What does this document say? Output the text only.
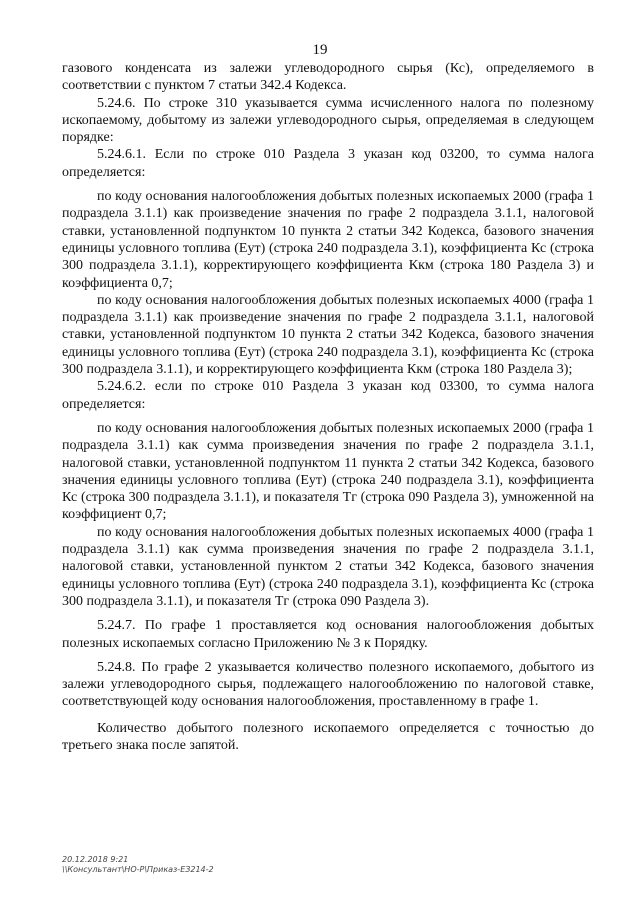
19

газового конденсата из залежи углеводородного сырья (Кс), определяемого в соответствии с пунктом 7 статьи 342.4 Кодекса.

5.24.6. По строке 310 указывается сумма исчисленного налога по полезному ископаемому, добытому из залежи углеводородного сырья, определяемая в следующем порядке:

5.24.6.1. Если по строке 010 Раздела 3 указан код 03200, то сумма налога определяется:

по коду основания налогообложения добытых полезных ископаемых 2000 (графа 1 подраздела 3.1.1) как произведение значения по графе 2 подраздела 3.1.1, налоговой ставки, установленной подпунктом 10 пункта 2 статьи 342 Кодекса, базового значения единицы условного топлива (Еут) (строка 240 подраздела 3.1), коэффициента Кс (строка 300 подраздела 3.1.1), корректирующего коэффициента Ккм (строка 180 Раздела 3) и коэффициента 0,7;

по коду основания налогообложения добытых полезных ископаемых 4000 (графа 1 подраздела 3.1.1) как произведение значения по графе 2 подраздела 3.1.1, налоговой ставки, установленной подпунктом 10 пункта 2 статьи 342 Кодекса, базового значения единицы условного топлива (Еут) (строка 240 подраздела 3.1), коэффициента Кс (строка 300 подраздела 3.1.1), и корректирующего коэффициента Ккм (строка 180 Раздела 3);

5.24.6.2. если по строке 010 Раздела 3 указан код 03300, то сумма налога определяется:

по коду основания налогообложения добытых полезных ископаемых 2000 (графа 1 подраздела 3.1.1) как сумма произведения значения по графе 2 подраздела 3.1.1, налоговой ставки, установленной подпунктом 11 пункта 2 статьи 342 Кодекса, базового значения единицы условного топлива (Еут) (строка 240 подраздела 3.1), коэффициента Кс (строка 300 подраздела 3.1.1), и показателя Тг (строка 090 Раздела 3), умноженной на коэффициент 0,7;

по коду основания налогообложения добытых полезных ископаемых 4000 (графа 1 подраздела 3.1.1) как сумма произведения значения по графе 2 подраздела 3.1.1, налоговой ставки, установленной пунктом 2 статьи 342 Кодекса, базового значения единицы условного топлива (Еут) (строка 240 подраздела 3.1), коэффициента Кс (строка 300 подраздела 3.1.1), и показателя Тг (строка 090 Раздела 3).

5.24.7. По графе 1 проставляется код основания налогообложения добытых полезных ископаемых согласно Приложению № 3 к Порядку.

5.24.8. По графе 2 указывается количество полезного ископаемого, добытого из залежи углеводородного сырья, подлежащего налогообложению по налоговой ставке, соответствующей коду основания налогообложения, проставленному в графе 1.

Количество добытого полезного ископаемого определяется с точностью до третьего знака после запятой.

20.12.2018 9:21
\\Консультант\НО-Р\Приказ-ЕЗ214-2
